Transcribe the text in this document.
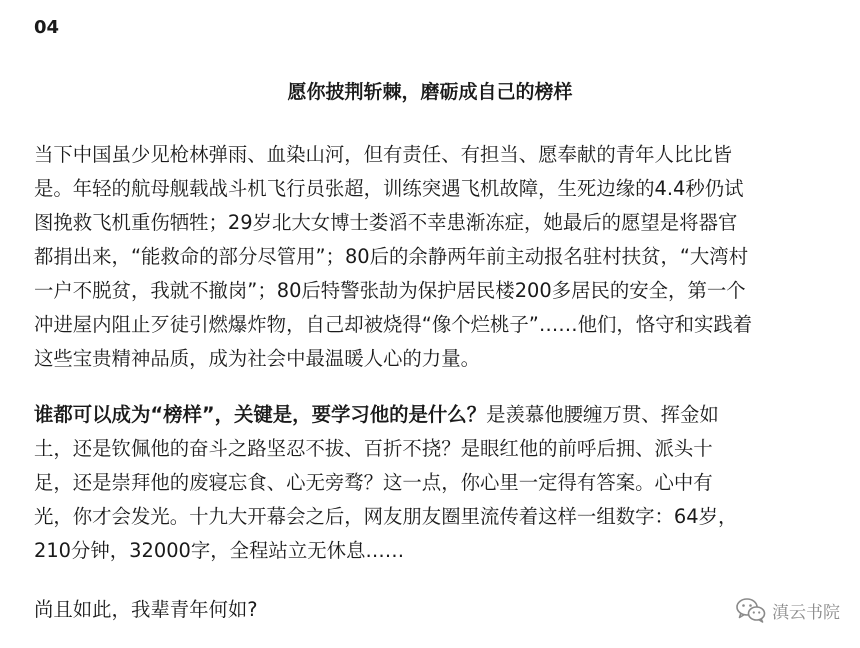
04
愿你披荆斩棘，磨砺成自己的榜样
当下中国虽少见枪林弹雨、血染山河，但有责任、有担当、愿奉献的青年人比比皆
是。年轻的航母舰载战斗机飞行员张超，训练突遇飞机故障，生死边缘的4.4秒仍试
图挽救飞机重伤牺牲；29岁北大女博士娄滔不幸患渐冻症，她最后的愿望是将器官
都捐出来，“能救命的部分尽管用”；80后的余静两年前主动报名驻村扶贫，“大湾村
一户不脱贫，我就不撤岗”；80后特警张劼为保护居民楼200多居民的安全，第一个
冲进屋内阻止歹徒引燃爆炸物，自己却被烧得“像个烂桃子”……他们，恪守和实践着
这些宝贵精神品质，成为社会中最温暖人心的力量。
谁都可以成为“榜样”，关键是，要学习他的是什么？是羡慕他腰缠万贯、挥金如
土，还是钦佩他的奋斗之路坚忍不拔、百折不挠？是眼红他的前呼后拥、派头十
足，还是崇拜他的废寝忘食、心无旁骛？这一点，你心里一定得有答案。心中有
光，你才会发光。十九大开幕会之后，网友朋友圈里流传着这样一组数字：64岁，
210分钟，32000字，全程站立无休息……
尚且如此，我辈青年何如?	滇云书院
